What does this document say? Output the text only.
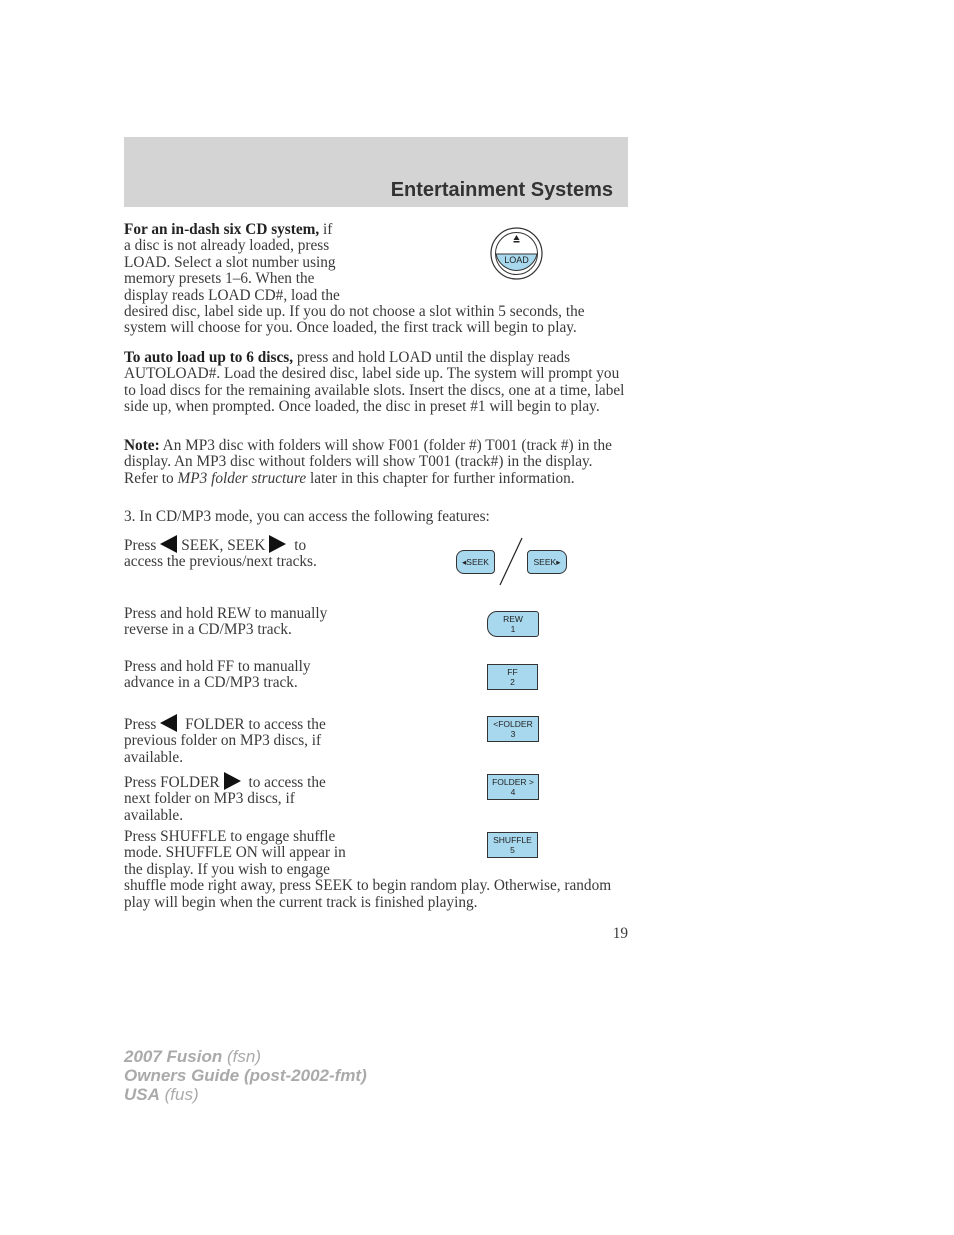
Entertainment Systems
For an in-dash six CD system, if
a disc is not already loaded, press
LOAD. Select a slot number using
memory presets 1–6. When the
display reads LOAD CD#, load the
desired disc, label side up. If you do not choose a slot within 5 seconds, the system will choose for you. Once loaded, the first track will begin to play.
LOAD

To auto load up to 6 discs, press and hold LOAD until the display reads AUTOLOAD#. Load the desired disc, label side up. The system will prompt you to load discs for the remaining available slots. Insert the discs, one at a time, label side up, when prompted. Once loaded, the disc in preset #1 will begin to play.

Note: An MP3 disc with folders will show F001 (folder #) T001 (track #) in the display. An MP3 disc without folders will show T001 (track#) in the display. Refer to MP3 folder structure later in this chapter for further information.

3. In CD/MP3 mode, you can access the following features:

Press SEEK, SEEK to
access the previous/next tracks.	◂SEEK	SEEK▸
Press and hold REW to manually
reverse in a CD/MP3 track.
REW
1
Press and hold FF to manually
advance in a CD/MP3 track.
FF
2
Press FOLDER to access the
previous folder on MP3 discs, if
available.
<FOLDER
3
Press FOLDER to access the
next folder on MP3 discs, if
available.
FOLDER >
4
Press SHUFFLE to engage shuffle
mode. SHUFFLE ON will appear in
the display. If you wish to engage
shuffle mode right away, press SEEK to begin random play. Otherwise, random play will begin when the current track is finished playing.
SHUFFLE
5
19
2007 Fusion (fsn)
Owners Guide (post-2002-fmt)
USA (fus)
